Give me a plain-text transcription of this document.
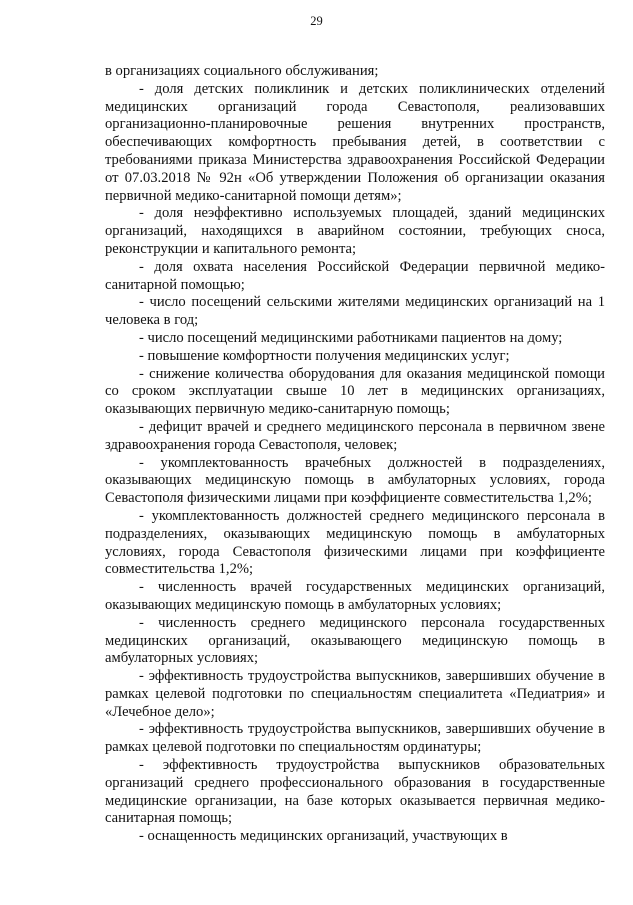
29

в организациях социального обслуживания;

- доля детских поликлиник и детских поликлинических отделений медицинских организаций города Севастополя, реализовавших организационно-планировочные решения внутренних пространств, обеспечивающих комфортность пребывания детей, в соответствии с требованиями приказа Министерства здравоохранения Российской Федерации от 07.03.2018 № 92н «Об утверждении Положения об организации оказания первичной медико-санитарной помощи детям»;

- доля неэффективно используемых площадей, зданий медицинских организаций, находящихся в аварийном состоянии, требующих сноса, реконструкции и капитального ремонта;

- доля охвата населения Российской Федерации первичной медико-санитарной помощью;

- число посещений сельскими жителями медицинских организаций на 1 человека в год;

- число посещений медицинскими работниками пациентов на дому;

- повышение комфортности получения медицинских услуг;

- снижение количества оборудования для оказания медицинской помощи со сроком эксплуатации свыше 10 лет в медицинских организациях, оказывающих первичную медико-санитарную помощь;

- дефицит врачей и среднего медицинского персонала в первичном звене здравоохранения города Севастополя, человек;

- укомплектованность врачебных должностей в подразделениях, оказывающих медицинскую помощь в амбулаторных условиях, города Севастополя физическими лицами при коэффициенте совместительства 1,2%;

- укомплектованность должностей среднего медицинского персонала в подразделениях, оказывающих медицинскую помощь в амбулаторных условиях, города Севастополя физическими лицами при коэффициенте совместительства 1,2%;

- численность врачей государственных медицинских организаций, оказывающих медицинскую помощь в амбулаторных условиях;

- численность среднего медицинского персонала государственных медицинских организаций, оказывающего медицинскую помощь в амбулаторных условиях;

- эффективность трудоустройства выпускников, завершивших обучение в рамках целевой подготовки по специальностям специалитета «Педиатрия» и «Лечебное дело»;

- эффективность трудоустройства выпускников, завершивших обучение в рамках целевой подготовки по специальностям ординатуры;

- эффективность трудоустройства выпускников образовательных организаций среднего профессионального образования в государственные медицинские организации, на базе которых оказывается первичная медико-санитарная помощь;

- оснащенность медицинских организаций, участвующих в
